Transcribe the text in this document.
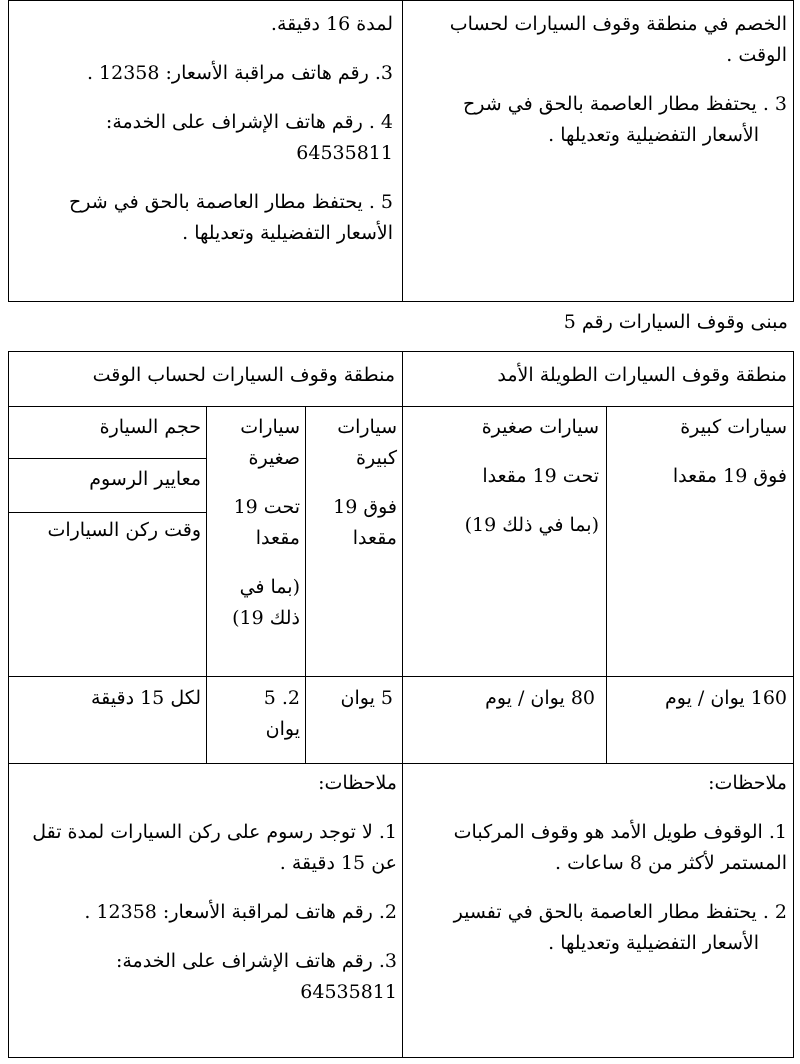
الخصم في منطقة وقوف السيارات لحساب

الوقت .

3 . يحتفظ مطار العاصمة بالحق في شرح

الأسعار التفضيلية وتعديلها .

لمدة 16 دقيقة.

3. رقم هاتف مراقبة الأسعار: 12358 .

4 . رقم هاتف الإشراف على الخدمة:

64535811

5 . يحتفظ مطار العاصمة بالحق في شرح

الأسعار التفضيلية وتعديلها .

مبنى وقوف السيارات رقم 5
منطقة وقوف السيارات الطويلة الأمد
منطقة وقوف السيارات لحساب الوقت

سيارات كبيرة

فوق 19 مقعدا

سيارات صغيرة

تحت 19 مقعدا

(بما في ذلك 19)

سيارات

كبيرة

فوق 19

مقعدا

سيارات

صغيرة

تحت 19

مقعدا

(بما في

ذلك 19)

حجم السيارة
معايير الرسوم
وقت ركن السيارات
160 يوان / يوم
80 يوان / يوم
5 يوان

2. 5

يوان

لكل 15 دقيقة

ملاحظات:

1. الوقوف طويل الأمد هو وقوف المركبات

المستمر لأكثر من 8 ساعات .

2 . يحتفظ مطار العاصمة بالحق في تفسير

الأسعار التفضيلية وتعديلها .

ملاحظات:

1. لا توجد رسوم على ركن السيارات لمدة تقل

عن 15 دقيقة .

2. رقم هاتف لمراقبة الأسعار: 12358 .

3. رقم هاتف الإشراف على الخدمة:

64535811
